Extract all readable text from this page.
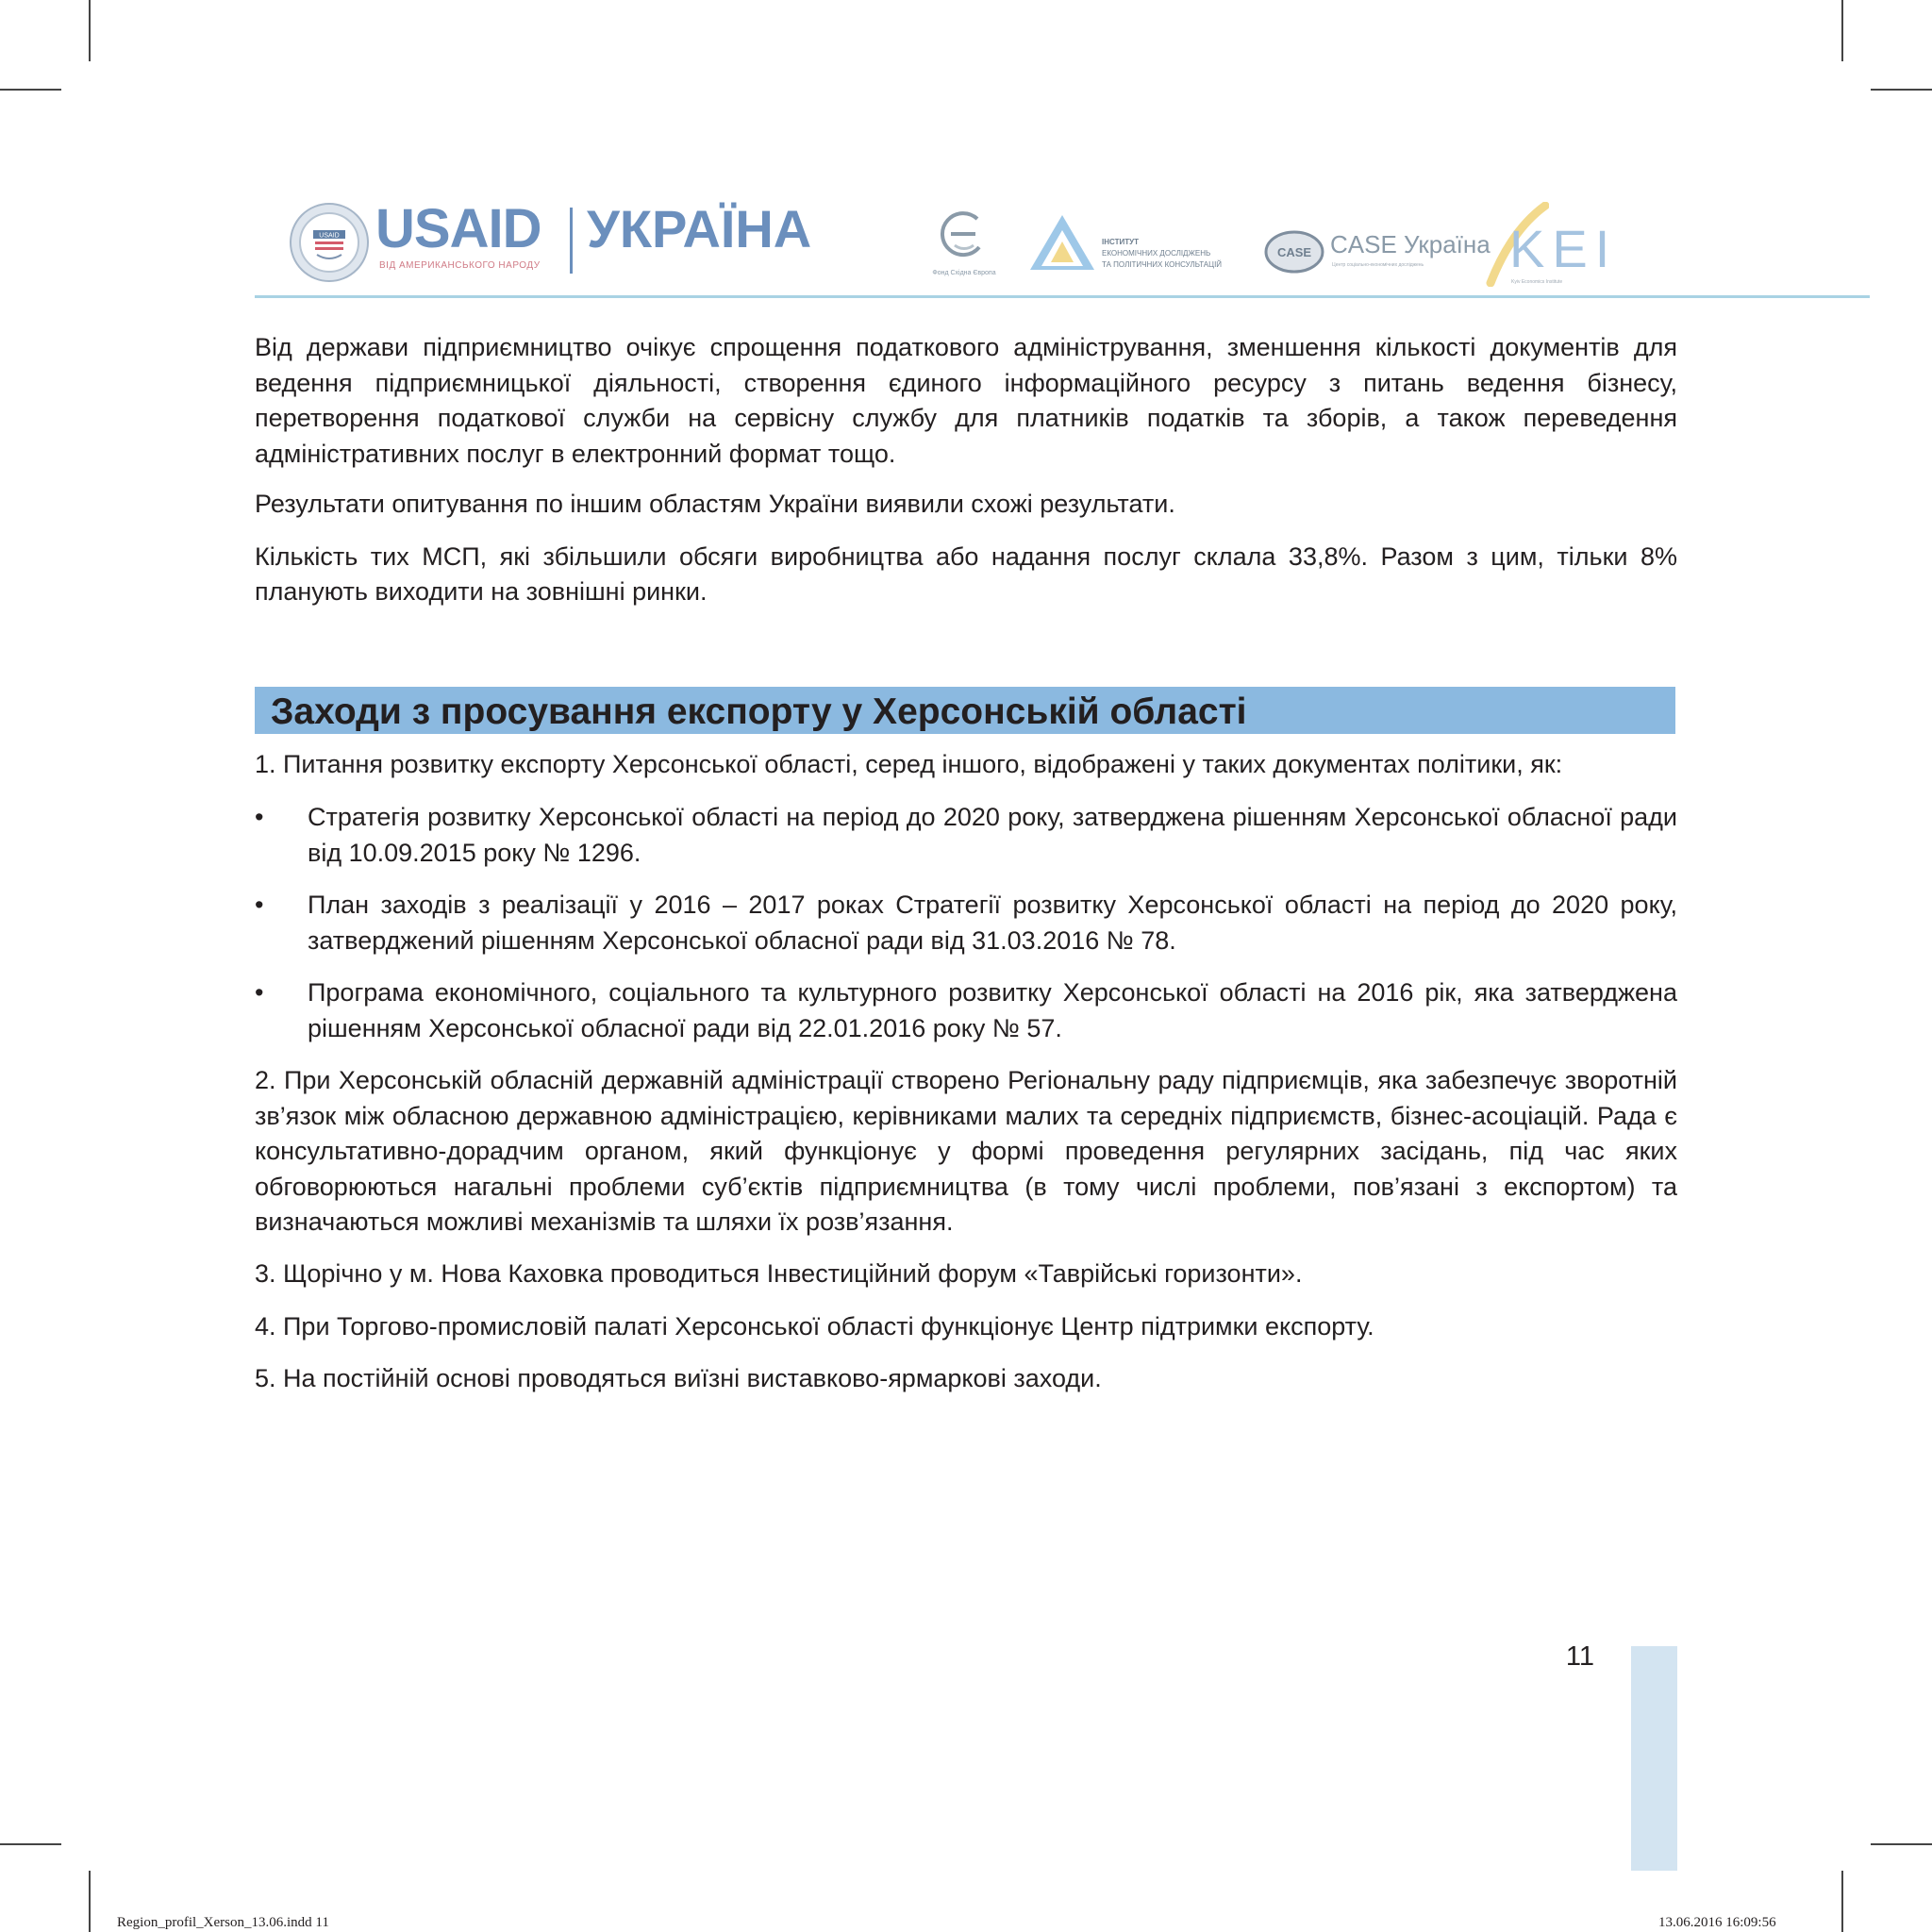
USAID USAID
ВІД АМЕРИКАНСЬКОГО НАРОДУ
УКРАЇНА
Фонд Східна Європа
ІНСТИТУТ
ЕКОНОМІЧНИХ ДОСЛІДЖЕНЬ
ТА ПОЛІТИЧНИХ КОНСУЛЬТАЦІЙ
CASE CASE Україна
Центр соціально-економічних досліджень KEI
Kyiv Economics Institute

Від держави підприємництво очікує спрощення податкового адміністрування, зменшення кількості документів для ведення підприємницької діяльності, створення єдиного інформаційного ресурсу з питань ведення бізнесу, перетворення податкової служби на сервісну службу для платників податків та зборів, а також переведення адміністративних послуг в електронний формат тощо.

Результати опитування по іншим областям України виявили схожі результати.

Кількість тих МСП, які збільшили обсяги виробництва або надання послуг склала 33,8%. Разом з цим, тільки 8% планують виходити на зовнішні ринки.

Заходи з просування експорту у Херсонській області

1. Питання розвитку експорту Херсонської області, серед іншого, відображені у таких документах політики, як:

• Стратегія розвитку Херсонської області на період до 2020 року, затверджена рішенням Херсонської обласної ради від 10.09.2015 року № 1296.

• План заходів з реалізації у 2016 – 2017 роках Стратегії розвитку Херсонської області на період до 2020 року, затверджений рішенням Херсонської обласної ради від 31.03.2016 № 78.

• Програма економічного, соціального та культурного розвитку Херсонської області на 2016 рік, яка затверджена рішенням Херсонської обласної ради від 22.01.2016 року № 57.

2. При Херсонській обласній державній адміністрації створено Регіональну раду підприємців, яка забезпечує зворотній зв’язок між обласною державною адміністрацією, керівниками малих та середніх підприємств, бізнес-асоціацій. Рада є консультативно-дорадчим органом, який функціонує у формі проведення регулярних засідань, під час яких обговорюються нагальні проблеми суб’єктів підприємництва (в тому числі проблеми, пов’язані з експортом) та визначаються можливі механізмів та шляхи їх розв’язання.

3. Щорічно у м. Нова Каховка проводиться Інвестиційний форум «Таврійські горизонти».

4. При Торгово-промисловій палаті Херсонської області функціонує Центр підтримки експорту.

5. На постійній основі проводяться виїзні виставково-ярмаркові заходи.

11
Region_profil_Xerson_13.06.indd 11	13.06.2016 16:09:56
